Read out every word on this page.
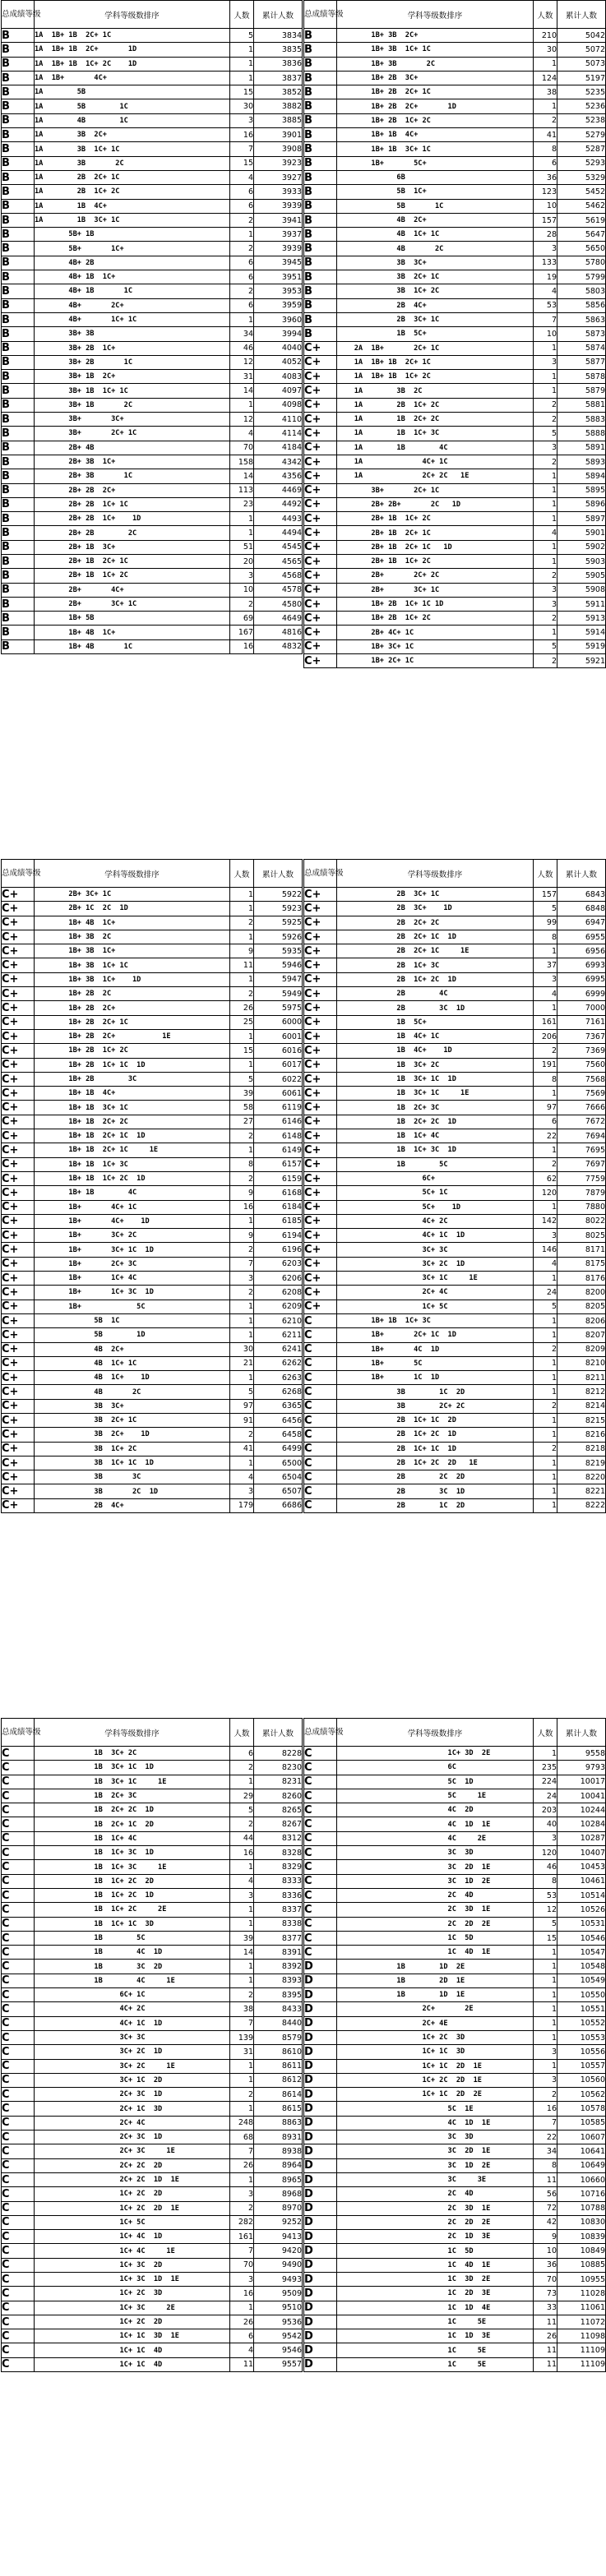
总成绩等级	学科等级数排序	人数	累计人数
B	1A  1B+ 1B  2C+ 1C	5	3834
B	1A  1B+ 1B  2C+       1D	1	3835
B	1A  1B+ 1B  1C+ 2C    1D	1	3836
B	1A  1B+       4C+	1	3837
B	1A        5B	15	3852
B	1A        5B        1C	30	3882
B	1A        4B        1C	3	3885
B	1A        3B  2C+	16	3901
B	1A        3B  1C+ 1C	7	3908
B	1A        3B       2C	15	3923
B	1A        2B  2C+ 1C	4	3927
B	1A        2B  1C+ 2C	6	3933
B	1A        1B  4C+	6	3939
B	1A        1B  3C+ 1C	2	3941
B	5B+ 1B	1	3937
B	5B+       1C+	2	3939
B	4B+ 2B	6	3945
B	4B+ 1B  1C+	6	3951
B	4B+ 1B       1C	2	3953
B	4B+       2C+	6	3959
B	4B+       1C+ 1C	1	3960
B	3B+ 3B	34	3994
B	3B+ 2B  1C+	46	4040
B	3B+ 2B       1C	12	4052
B	3B+ 1B  2C+	31	4083
B	3B+ 1B  1C+ 1C	14	4097
B	3B+ 1B       2C	1	4098
B	3B+       3C+	12	4110
B	3B+       2C+ 1C	4	4114
B	2B+ 4B	70	4184
B	2B+ 3B  1C+	158	4342
B	2B+ 3B       1C	14	4356
B	2B+ 2B  2C+	113	4469
B	2B+ 2B  1C+ 1C	23	4492
B	2B+ 2B  1C+    1D	1	4493
B	2B+ 2B        2C	1	4494
B	2B+ 1B  3C+	51	4545
B	2B+ 1B  2C+ 1C	20	4565
B	2B+ 1B  1C+ 2C	3	4568
B	2B+       4C+	10	4578
B	2B+       3C+ 1C	2	4580
B	1B+ 5B	69	4649
B	1B+ 4B  1C+	167	4816
B	1B+ 4B       1C	16	4832
总成绩等级	学科等级数排序	人数	累计人数
B	1B+ 3B  2C+	210	5042
B	1B+ 3B  1C+ 1C	30	5072
B	1B+ 3B       2C	1	5073
B	1B+ 2B  3C+	124	5197
B	1B+ 2B  2C+ 1C	38	5235
B	1B+ 2B  2C+       1D	1	5236
B	1B+ 2B  1C+ 2C	2	5238
B	1B+ 1B  4C+	41	5279
B	1B+ 1B  3C+ 1C	8	5287
B	1B+       5C+	6	5293
B	6B	36	5329
B	5B  1C+	123	5452
B	5B       1C	10	5462
B	4B  2C+	157	5619
B	4B  1C+ 1C	28	5647
B	4B       2C	3	5650
B	3B  3C+	133	5780
B	3B  2C+ 1C	19	5799
B	3B  1C+ 2C	4	5803
B	2B  4C+	53	5856
B	2B  3C+ 1C	7	5863
B	1B  5C+	10	5873
C+	2A  1B+       2C+ 1C	1	5874
C+	1A  1B+ 1B  2C+ 1C	3	5877
C+	1A  1B+ 1B  1C+ 2C	1	5878
C+	1A        3B  2C	1	5879
C+	1A        2B  1C+ 2C	2	5881
C+	1A        1B  2C+ 2C	2	5883
C+	1A        1B  1C+ 3C	5	5888
C+	1A        1B        4C	3	5891
C+	1A              4C+ 1C	2	5893
C+	1A              2C+ 2C   1E	1	5894
C+	3B+       2C+ 1C	1	5895
C+	2B+ 2B+       2C   1D	1	5896
C+	2B+ 1B  1C+ 2C	1	5897
C+	2B+ 1B  2C+ 1C	4	5901
C+	2B+ 1B  2C+ 1C   1D	1	5902
C+	2B+ 1B  1C+ 2C	1	5903
C+	2B+       2C+ 2C	2	5905
C+	2B+       3C+ 1C	3	5908
C+	1B+ 2B  1C+ 1C 1D	3	5911
C+	1B+ 2B  1C+ 2C	2	5913
C+	2B+ 4C+ 1C	1	5914
C+	1B+ 3C+ 1C	5	5919
C+	1B+ 2C+ 1C	2	5921
总成绩等级	学科等级数排序	人数	累计人数
C+	2B+ 3C+ 1C	1	5922
C+	2B+ 1C  2C  1D	1	5923
C+	1B+ 4B  1C+	2	5925
C+	1B+ 3B  2C	1	5926
C+	1B+ 3B  1C+	9	5935
C+	1B+ 3B  1C+ 1C	11	5946
C+	1B+ 3B  1C+    1D	1	5947
C+	1B+ 2B  2C	2	5949
C+	1B+ 2B  2C+	26	5975
C+	1B+ 2B  2C+ 1C	25	6000
C+	1B+ 2B  2C+           1E	1	6001
C+	1B+ 2B  1C+ 2C	15	6016
C+	1B+ 2B  1C+ 1C  1D	1	6017
C+	1B+ 2B        3C	5	6022
C+	1B+ 1B  4C+	39	6061
C+	1B+ 1B  3C+ 1C	58	6119
C+	1B+ 1B  2C+ 2C	27	6146
C+	1B+ 1B  2C+ 1C  1D	2	6148
C+	1B+ 1B  2C+ 1C     1E	1	6149
C+	1B+ 1B  1C+ 3C	8	6157
C+	1B+ 1B  1C+ 2C  1D	2	6159
C+	1B+ 1B        4C	9	6168
C+	1B+       4C+ 1C	16	6184
C+	1B+       4C+    1D	1	6185
C+	1B+       3C+ 2C	9	6194
C+	1B+       3C+ 1C  1D	2	6196
C+	1B+       2C+ 3C	7	6203
C+	1B+       1C+ 4C	3	6206
C+	1B+       1C+ 3C  1D	2	6208
C+	1B+             5C	1	6209
C+	5B  1C	1	6210
C+	5B        1D	1	6211
C+	4B  2C+	30	6241
C+	4B  1C+ 1C	21	6262
C+	4B  1C+    1D	1	6263
C+	4B       2C	5	6268
C+	3B  3C+	97	6365
C+	3B  2C+ 1C	91	6456
C+	3B  2C+    1D	2	6458
C+	3B  1C+ 2C	41	6499
C+	3B  1C+ 1C  1D	1	6500
C+	3B       3C	4	6504
C+	3B       2C  1D	3	6507
C+	2B  4C+	179	6686
总成绩等级	学科等级数排序	人数	累计人数
C+	2B  3C+ 1C	157	6843
C+	2B  3C+    1D	5	6848
C+	2B  2C+ 2C	99	6947
C+	2B  2C+ 1C  1D	8	6955
C+	2B  2C+ 1C     1E	1	6956
C+	2B  1C+ 3C	37	6993
C+	2B  1C+ 2C  1D	3	6995
C+	2B        4C	4	6999
C+	2B        3C  1D	1	7000
C+	1B  5C+	161	7161
C+	1B  4C+ 1C	206	7367
C+	1B  4C+    1D	2	7369
C+	1B  3C+ 2C	191	7560
C+	1B  3C+ 1C  1D	8	7568
C+	1B  3C+ 1C     1E	1	7569
C+	1B  2C+ 3C	97	7666
C+	1B  2C+ 2C  1D	6	7672
C+	1B  1C+ 4C	22	7694
C+	1B  1C+ 3C  1D	1	7695
C+	1B        5C	2	7697
C+	6C+	62	7759
C+	5C+ 1C	120	7879
C+	5C+    1D	1	7880
C+	4C+ 2C	142	8022
C+	4C+ 1C  1D	3	8025
C+	3C+ 3C	146	8171
C+	3C+ 2C  1D	4	8175
C+	3C+ 1C     1E	1	8176
C+	2C+ 4C	24	8200
C+	1C+ 5C	5	8205
C	1B+ 1B  1C+ 3C	1	8206
C	1B+       2C+ 1C  1D	1	8207
C	1B+       4C  1D	2	8209
C	1B+       5C	1	8210
C	1B+       1C  1D	1	8211
C	3B        1C  2D	1	8212
C	3B        2C+ 2C	2	8214
C	2B  1C+ 1C  2D	1	8215
C	2B  1C+ 2C  1D	1	8216
C	2B  1C+ 1C  1D	2	8218
C	2B  1C+ 2C  2D   1E	1	8219
C	2B        2C  2D	1	8220
C	2B        3C  1D	1	8221
C	2B        1C  2D	1	8222
总成绩等级	学科等级数排序	人数	累计人数
C	1B  3C+ 2C	6	8228
C	1B  3C+ 1C  1D	2	8230
C	1B  3C+ 1C     1E	1	8231
C	1B  2C+ 3C	29	8260
C	1B  2C+ 2C  1D	5	8265
C	1B  2C+ 1C  2D	2	8267
C	1B  1C+ 4C	44	8312
C	1B  1C+ 3C  1D	16	8328
C	1B  1C+ 3C     1E	1	8329
C	1B  1C+ 2C  2D	4	8333
C	1B  1C+ 2C  1D	3	8336
C	1B  1C+ 2C     2E	1	8337
C	1B  1C+ 1C  3D	1	8338
C	1B        5C	39	8377
C	1B        4C  1D	14	8391
C	1B        3C  2D	1	8392
C	1B        4C     1E	1	8393
C	6C+ 1C	2	8395
C	4C+ 2C	38	8433
C	4C+ 1C  1D	7	8440
C	3C+ 3C	139	8579
C	3C+ 2C  1D	31	8610
C	3C+ 2C     1E	1	8611
C	3C+ 1C  2D	1	8612
C	2C+ 3C  1D	2	8614
C	2C+ 1C  3D	1	8615
C	2C+ 4C	248	8863
C	2C+ 3C  1D	68	8931
C	2C+ 3C     1E	7	8938
C	2C+ 2C  2D	26	8964
C	2C+ 2C  1D  1E	1	8965
C	1C+ 2C  2D	3	8968
C	1C+ 2C  2D  1E	2	8970
C	1C+ 5C	282	9252
C	1C+ 4C  1D	161	9413
C	1C+ 4C     1E	7	9420
C	1C+ 3C  2D	70	9490
C	1C+ 3C  1D  1E	3	9493
C	1C+ 2C  3D	16	9509
C	1C+ 3C     2E	1	9510
C	1C+ 2C  2D	26	9536
C	1C+ 1C  3D  1E	6	9542
C	1C+ 1C  4D	4	9546
C	1C+ 1C  4D	11	9557
总成绩等级	学科等级数排序	人数	累计人数
C	1C+ 3D  2E	1	9558
C	6C	235	9793
C	5C  1D	224	10017
C	5C     1E	24	10041
C	4C  2D	203	10244
C	4C  1D  1E	40	10284
C	4C     2E	3	10287
C	3C  3D	120	10407
C	3C  2D  1E	46	10453
C	3C  1D  2E	8	10461
C	2C  4D	53	10514
C	2C  3D  1E	12	10526
C	2C  2D  2E	5	10531
C	1C  5D	15	10546
C	1C  4D  1E	1	10547
D	1B        1D  2E	1	10548
D	1B        2D  1E	1	10549
D	1B        1D  1E	1	10550
D	2C+       2E	1	10551
D	2C+ 4E	1	10552
D	1C+ 2C  3D	1	10553
D	1C+ 1C  3D	3	10556
D	1C+ 1C  2D  1E	1	10557
D	1C+ 2C  2D  1E	3	10560
D	1C+ 1C  2D  2E	2	10562
D	5C  1E	16	10578
D	4C  1D  1E	7	10585
D	3C  3D	22	10607
D	3C  2D  1E	34	10641
D	3C  1D  2E	8	10649
D	3C     3E	11	10660
D	2C  4D	56	10716
D	2C  3D  1E	72	10788
D	2C  2D  2E	42	10830
D	2C  1D  3E	9	10839
D	1C  5D	10	10849
D	1C  4D  1E	36	10885
D	1C  3D  2E	70	10955
D	1C  2D  3E	73	11028
D	1C  1D  4E	33	11061
D	1C     5E	11	11072
D	1C  1D  3E	26	11098
D	1C     5E	11	11109
D	1C     5E	11	11109
